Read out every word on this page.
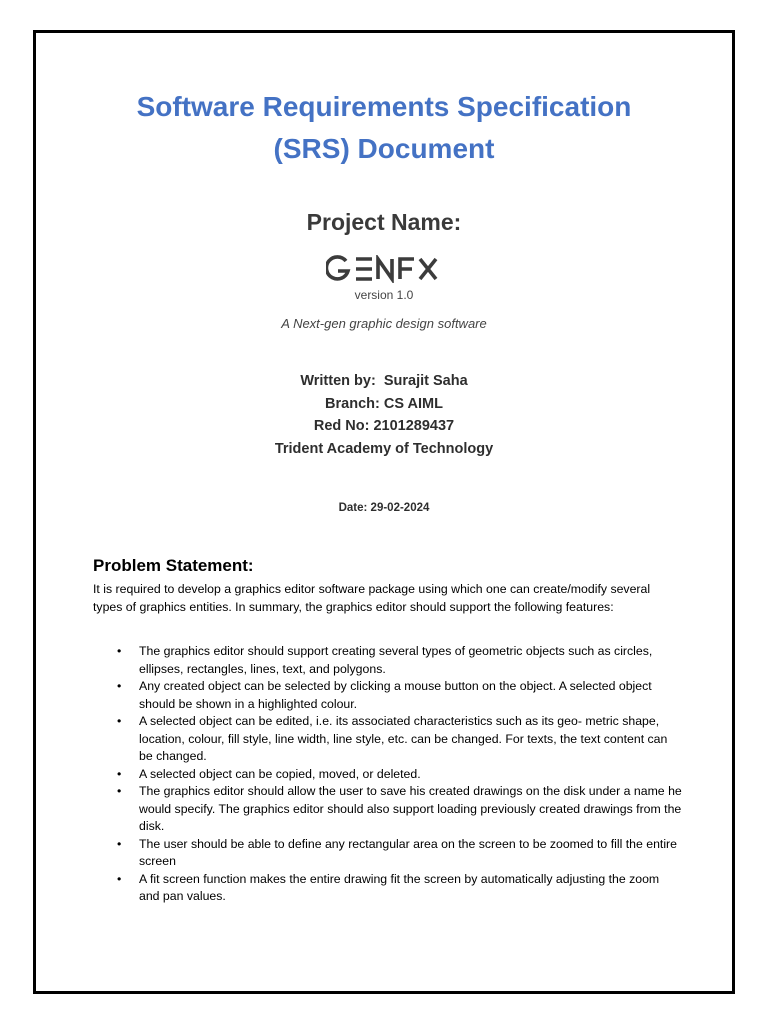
Software Requirements Specification
(SRS) Document
Project Name:
version 1.0
A Next-gen graphic design software
Written by:  Surajit Saha
Branch: CS AIML
Red No: 2101289437
Trident Academy of Technology
Date: 29-02-2024
Problem Statement:
It is required to develop a graphics editor software package using which one can create/modify several types of graphics entities. In summary, the graphics editor should support the following features:
• The graphics editor should support creating several types of geometric objects such as circles, ellipses, rectangles, lines, text, and polygons.
• Any created object can be selected by clicking a mouse button on the object. A selected object should be shown in a highlighted colour.
• A selected object can be edited, i.e. its associated characteristics such as its geo- metric shape, location, colour, fill style, line width, line style, etc. can be changed. For texts, the text content can be changed.
• A selected object can be copied, moved, or deleted.
• The graphics editor should allow the user to save his created drawings on the disk under a name he would specify. The graphics editor should also support loading previously created drawings from the disk.
• The user should be able to define any rectangular area on the screen to be zoomed to fill the entire screen
• A fit screen function makes the entire drawing fit the screen by automatically adjusting the zoom and pan values.
